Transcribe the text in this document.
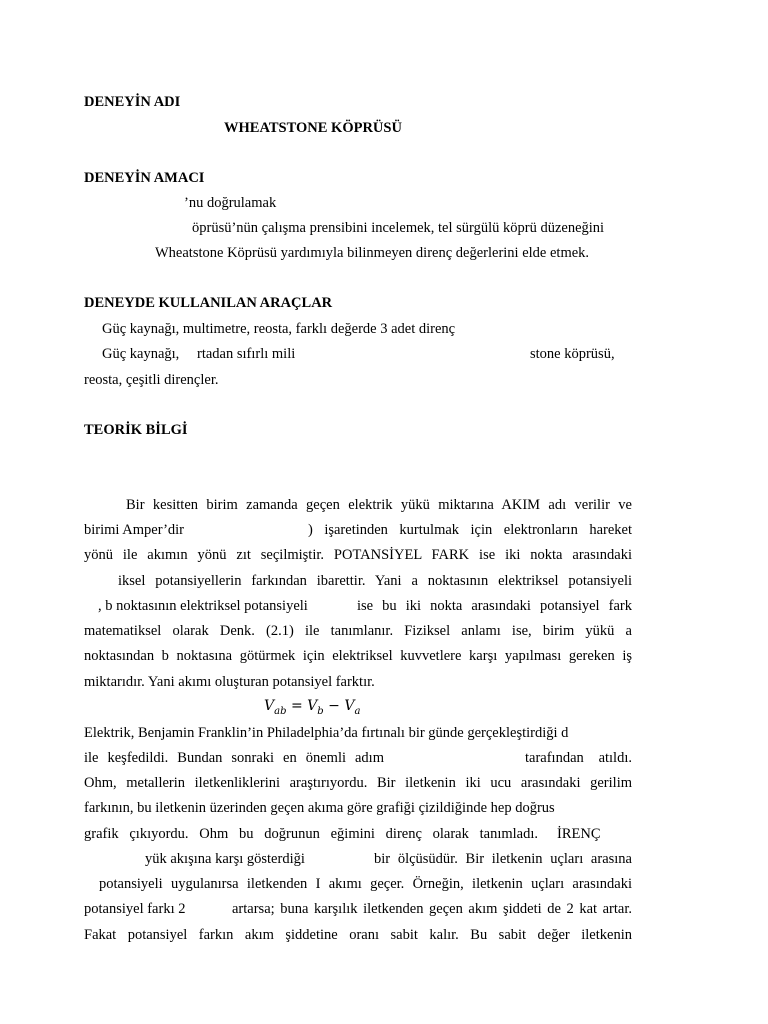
DENEYİN ADI
WHEATSTONE KÖPRÜSÜ
DENEYİN AMACI
’nu doğrulamak
öprüsü’nün çalışma prensibini incelemek, tel sürgülü köprü düzeneğini
Wheatstone Köprüsü yardımıyla bilinmeyen direnç değerlerini elde etmek.
DENEYDE KULLANILAN ARAÇLAR
Güç kaynağı, multimetre, reosta, farklı değerde 3 adet direnç
Güç kaynağı, rtadan sıfırlı mili	stone köprüsü,
reosta, çeşitli dirençler.
TEORİK BİLGİ
Bir kesitten birim zamanda geçen elektrik yükü miktarına AKIM adı verilir ve
birimi Amper’dir	) işaretinden kurtulmak için elektronların hareket
yönü ile akımın yönü zıt seçilmiştir. POTANSİYEL FARK ise iki nokta arasındaki
iksel potansiyellerin farkından ibarettir. Yani a noktasının elektriksel potansiyeli
, b noktasının elektriksel potansiyeli	ise bu iki nokta arasındaki potansiyel fark
matematiksel olarak Denk. (2.1) ile tanımlanır. Fiziksel anlamı ise, birim yükü a
noktasından b noktasına götürmek için elektriksel kuvvetlere karşı yapılması gereken iş
miktarıdır. Yani akımı oluşturan potansiyel farktır.
$V_{ab} = V_b - V_a$
Elektrik, Benjamin Franklin’in Philadelphia’da fırtınalı bir günde gerçekleştirdiği d
ile keşfedildi. Bundan sonraki en önemli adım	tarafından atıldı.
Ohm, metallerin iletkenliklerini araştırıyordu. Bir iletkenin iki ucu arasındaki gerilim
farkının, bu iletkenin üzerinden geçen akıma göre grafiği çizildiğinde hep doğrus
grafik çıkıyordu. Ohm bu doğrunun eğimini direnç olarak tanımladı. İRENÇ
yük akışına karşı gösterdiği	bir ölçüsüdür. Bir iletkenin uçları arasına
potansiyeli uygulanırsa iletkenden I akımı geçer. Örneğin, iletkenin uçları arasındaki
potansiyel farkı 2	artarsa; buna karşılık iletkenden geçen akım şiddeti de 2 kat artar.
Fakat potansiyel farkın akım şiddetine oranı sabit kalır. Bu sabit değer iletkenin
